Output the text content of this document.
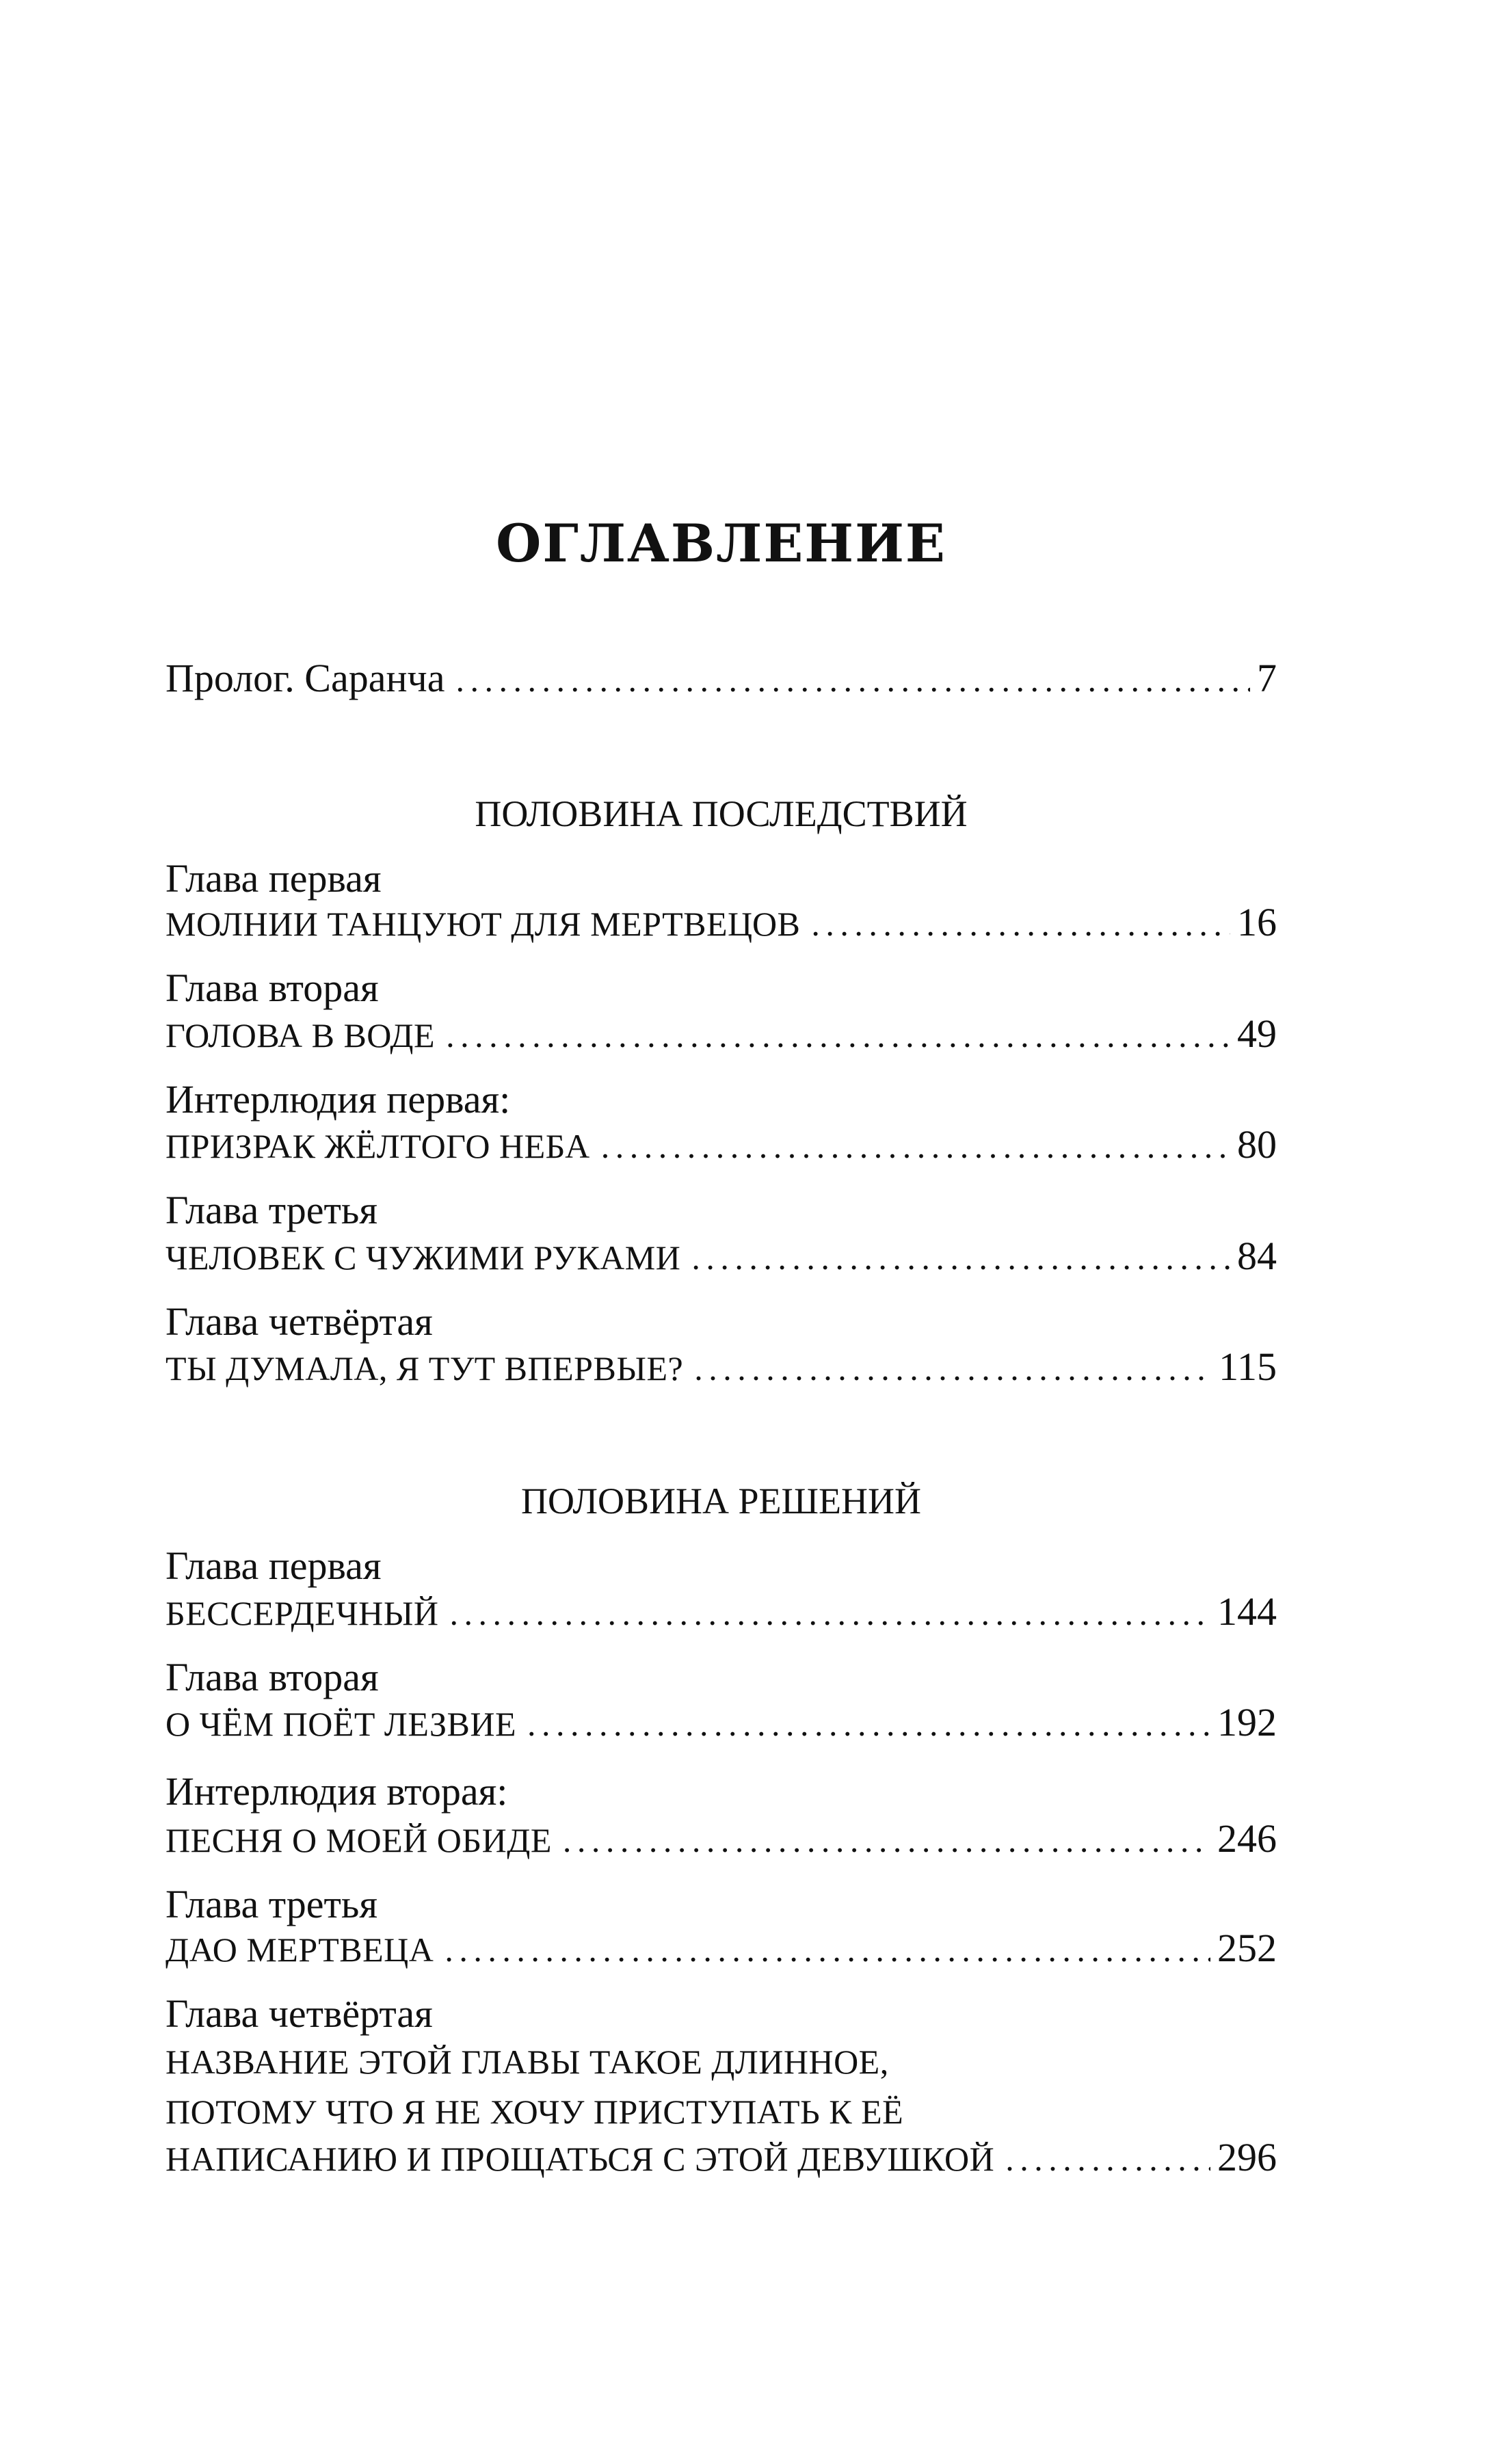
ОГЛАВЛЕНИЕ
Пролог. Саранча . . .	7
ПОЛОВИНА ПОСЛЕДСТВИЙ
Глава первая
МОЛНИИ ТАНЦУЮТ ДЛЯ МЕРТВЕЦОВ . . .	16
Глава вторая
ГОЛОВА В ВОДЕ . . .	49
Интерлюдия первая:
ПРИЗРАК ЖЁЛТОГО НЕБА . . .	80
Глава третья
ЧЕЛОВЕК С ЧУЖИМИ РУКАМИ . . .	84
Глава четвёртая
ТЫ ДУМАЛА, Я ТУТ ВПЕРВЫЕ? . . .	115
ПОЛОВИНА РЕШЕНИЙ
Глава первая
БЕССЕРДЕЧНЫЙ . . .	144
Глава вторая
О ЧЁМ ПОЁТ ЛЕЗВИЕ . . .	192
Интерлюдия вторая:
ПЕСНЯ О МОЕЙ ОБИДЕ . . .	246
Глава третья
ДАО МЕРТВЕЦА . . .	252
Глава четвёртая
НАЗВАНИЕ ЭТОЙ ГЛАВЫ ТАКОЕ ДЛИННОЕ,
ПОТОМУ ЧТО Я НЕ ХОЧУ ПРИСТУПАТЬ К ЕЁ
НАПИСАНИЮ И ПРОЩАТЬСЯ С ЭТОЙ ДЕВУШКОЙ . . .	296
